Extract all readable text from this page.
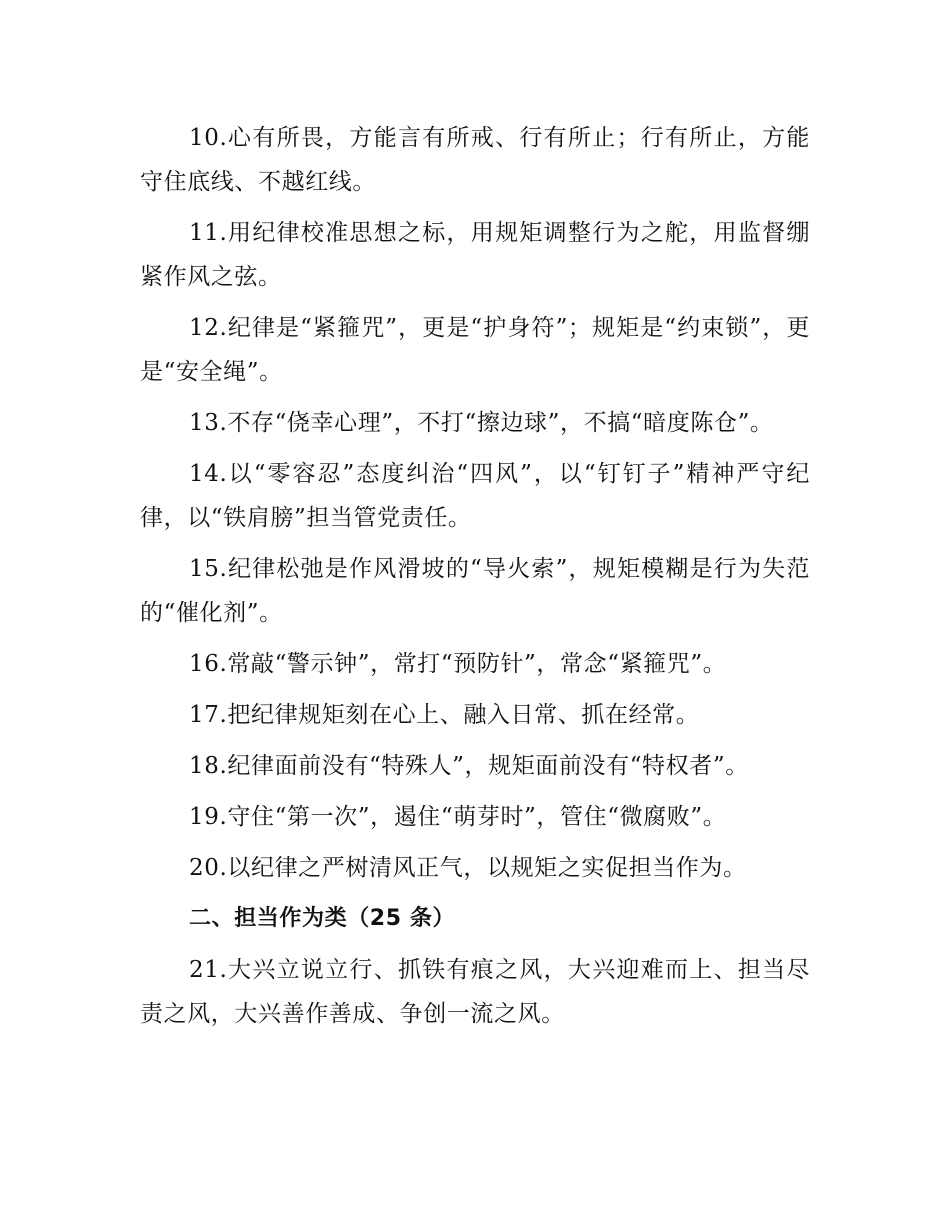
10.心有所畏，方能言有所戒、行有所止；行有所止，方能守住底线、不越红线。

11.用纪律校准思想之标，用规矩调整行为之舵，用监督绷紧作风之弦。

12.纪律是“紧箍咒”，更是“护身符”；规矩是“约束锁”，更是“安全绳”。

13.不存“侥幸心理”，不打“擦边球”，不搞“暗度陈仓”。

14.以“零容忍”态度纠治“四风”，以“钉钉子”精神严守纪律，以“铁肩膀”担当管党责任。

15.纪律松弛是作风滑坡的“导火索”，规矩模糊是行为失范的“催化剂”。

16.常敲“警示钟”，常打“预防针”，常念“紧箍咒”。

17.把纪律规矩刻在心上、融入日常、抓在经常。

18.纪律面前没有“特殊人”，规矩面前没有“特权者”。

19.守住“第一次”，遏住“萌芽时”，管住“微腐败”。

20.以纪律之严树清风正气，以规矩之实促担当作为。

二、担当作为类（25 条）

21.大兴立说立行、抓铁有痕之风，大兴迎难而上、担当尽责之风，大兴善作善成、争创一流之风。
